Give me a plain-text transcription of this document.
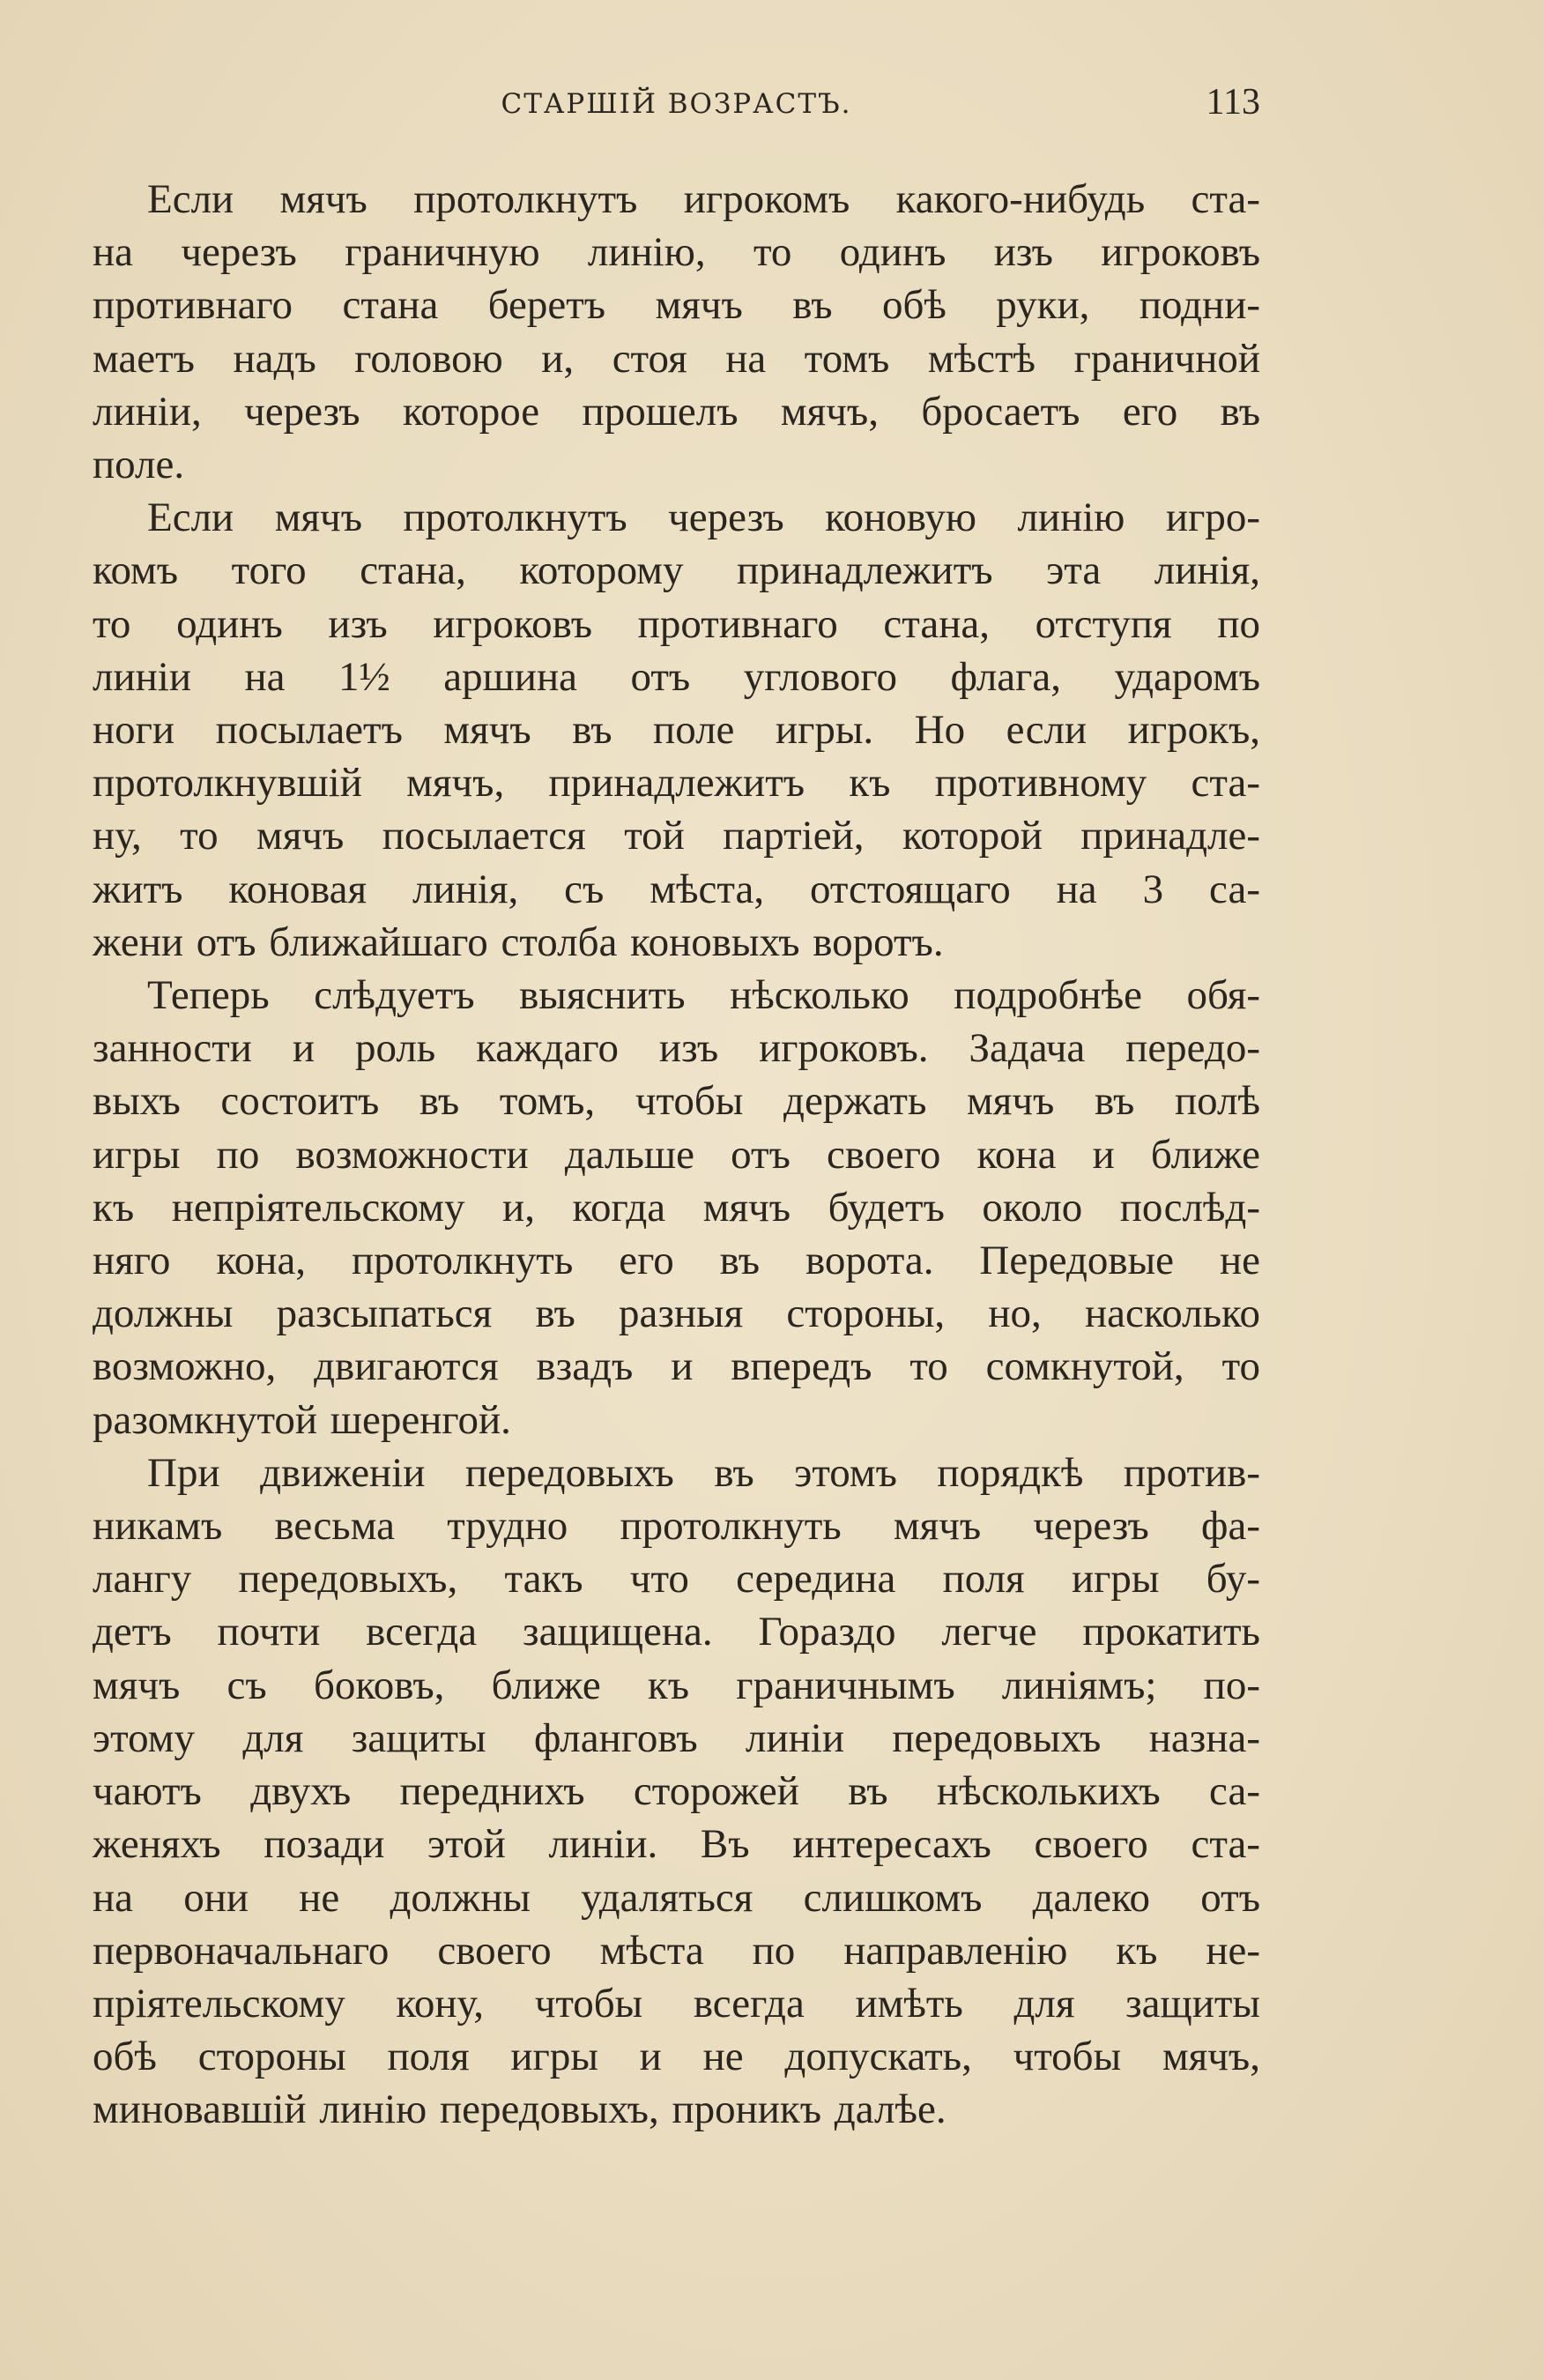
СТАРШІЙ ВОЗРАСТЪ.	113
Если мячъ протолкнутъ игрокомъ какого-нибудь ста-
на черезъ граничную линію, то одинъ изъ игроковъ
противнаго стана беретъ мячъ въ обѣ руки, подни-
маетъ надъ головою и, стоя на томъ мѣстѣ граничной
линіи, черезъ которое прошелъ мячъ, бросаетъ его въ
поле.
Если мячъ протолкнутъ черезъ коновую линію игро-
комъ того стана, которому принадлежитъ эта линія,
то одинъ изъ игроковъ противнаго стана, отступя по
линіи на 1½ аршина отъ углового флага, ударомъ
ноги посылаетъ мячъ въ поле игры. Но если игрокъ,
протолкнувшій мячъ, принадлежитъ къ противному ста-
ну, то мячъ посылается той партіей, которой принадле-
житъ коновая линія, съ мѣста, отстоящаго на 3 са-
жени отъ ближайшаго столба коновыхъ воротъ.
Теперь слѣдуетъ выяснить нѣсколько подробнѣе обя-
занности и роль каждаго изъ игроковъ. Задача передо-
выхъ состоитъ въ томъ, чтобы держать мячъ въ полѣ
игры по возможности дальше отъ своего кона и ближе
къ непріятельскому и, когда мячъ будетъ около послѣд-
няго кона, протолкнуть его въ ворота. Передовые не
должны разсыпаться въ разныя стороны, но, насколько
возможно, двигаются взадъ и впередъ то сомкнутой, то
разомкнутой шеренгой.
При движеніи передовыхъ въ этомъ порядкѣ против-
никамъ весьма трудно протолкнуть мячъ черезъ фа-
лангу передовыхъ, такъ что середина поля игры бу-
детъ почти всегда защищена. Гораздо легче прокатить
мячъ съ боковъ, ближе къ граничнымъ линіямъ; по-
этому для защиты фланговъ линіи передовыхъ назна-
чаютъ двухъ переднихъ сторожей въ нѣсколькихъ са-
женяхъ позади этой линіи. Въ интересахъ своего ста-
на они не должны удаляться слишкомъ далеко отъ
первоначальнаго своего мѣста по направленію къ не-
пріятельскому кону, чтобы всегда имѣть для защиты
обѣ стороны поля игры и не допускать, чтобы мячъ,
миновавшій линію передовыхъ, проникъ далѣе.
